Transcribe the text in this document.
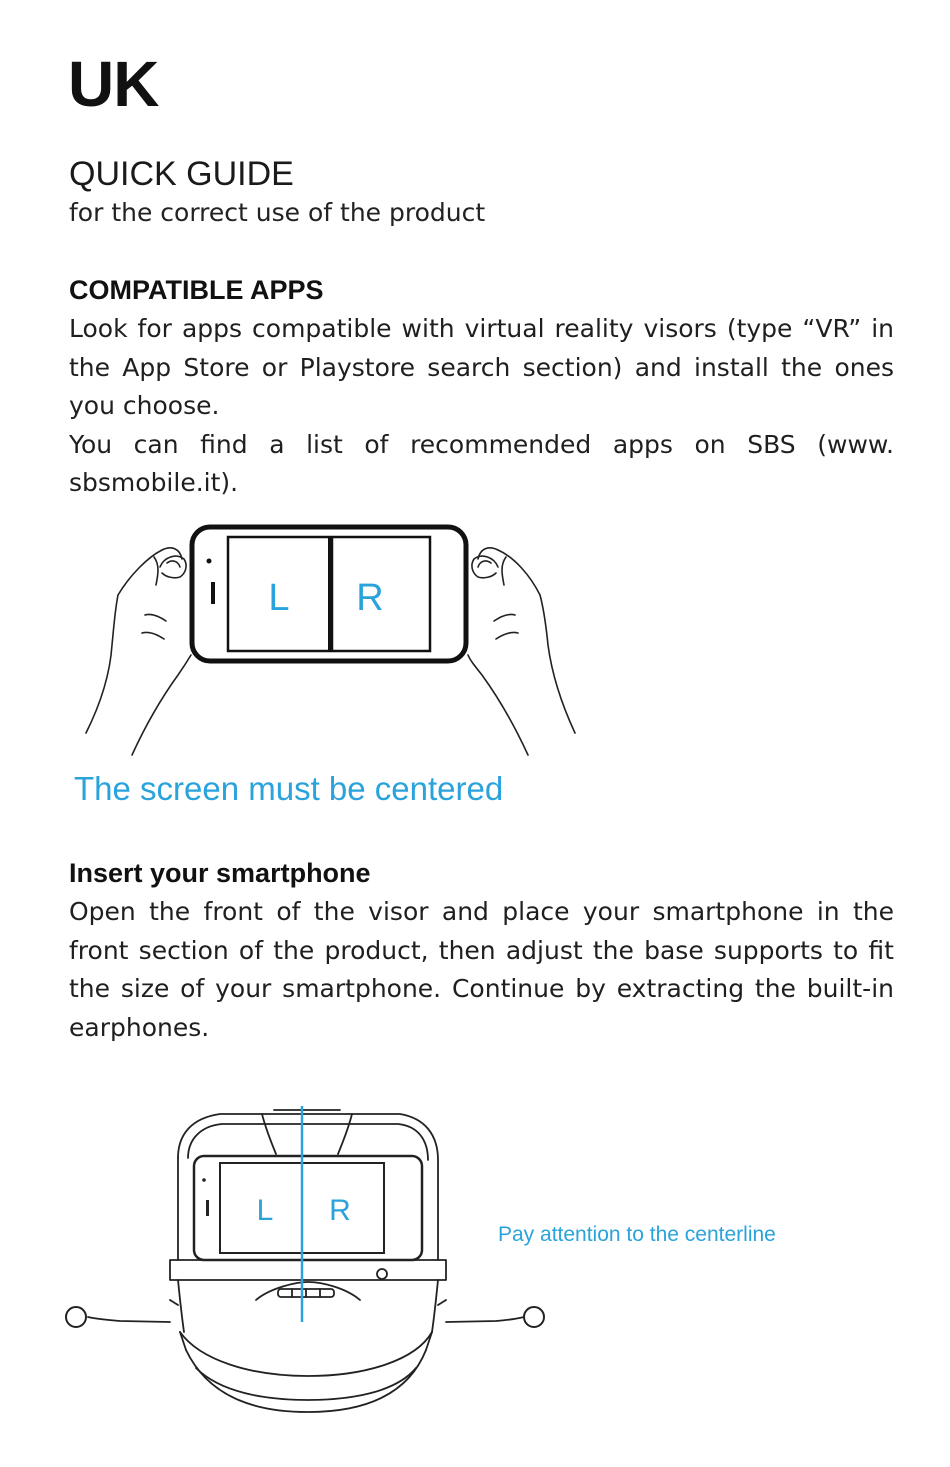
UK
QUICK GUIDE

for the correct use of the product

COMPATIBLE APPS

Look for apps compatible with virtual reality visors (type “VR” in the App Store or Playstore search section) and install the ones you choose.

You can find a list of recommended apps on SBS (www. sbsmobile.it).

L R

The screen must be centered

Insert your smartphone

Open the front of the visor and place your smartphone in the front section of the product, then adjust the base supports to fit the size of your smartphone. Continue by extracting the built-in earphones.

L R

Pay attention to the centerline
